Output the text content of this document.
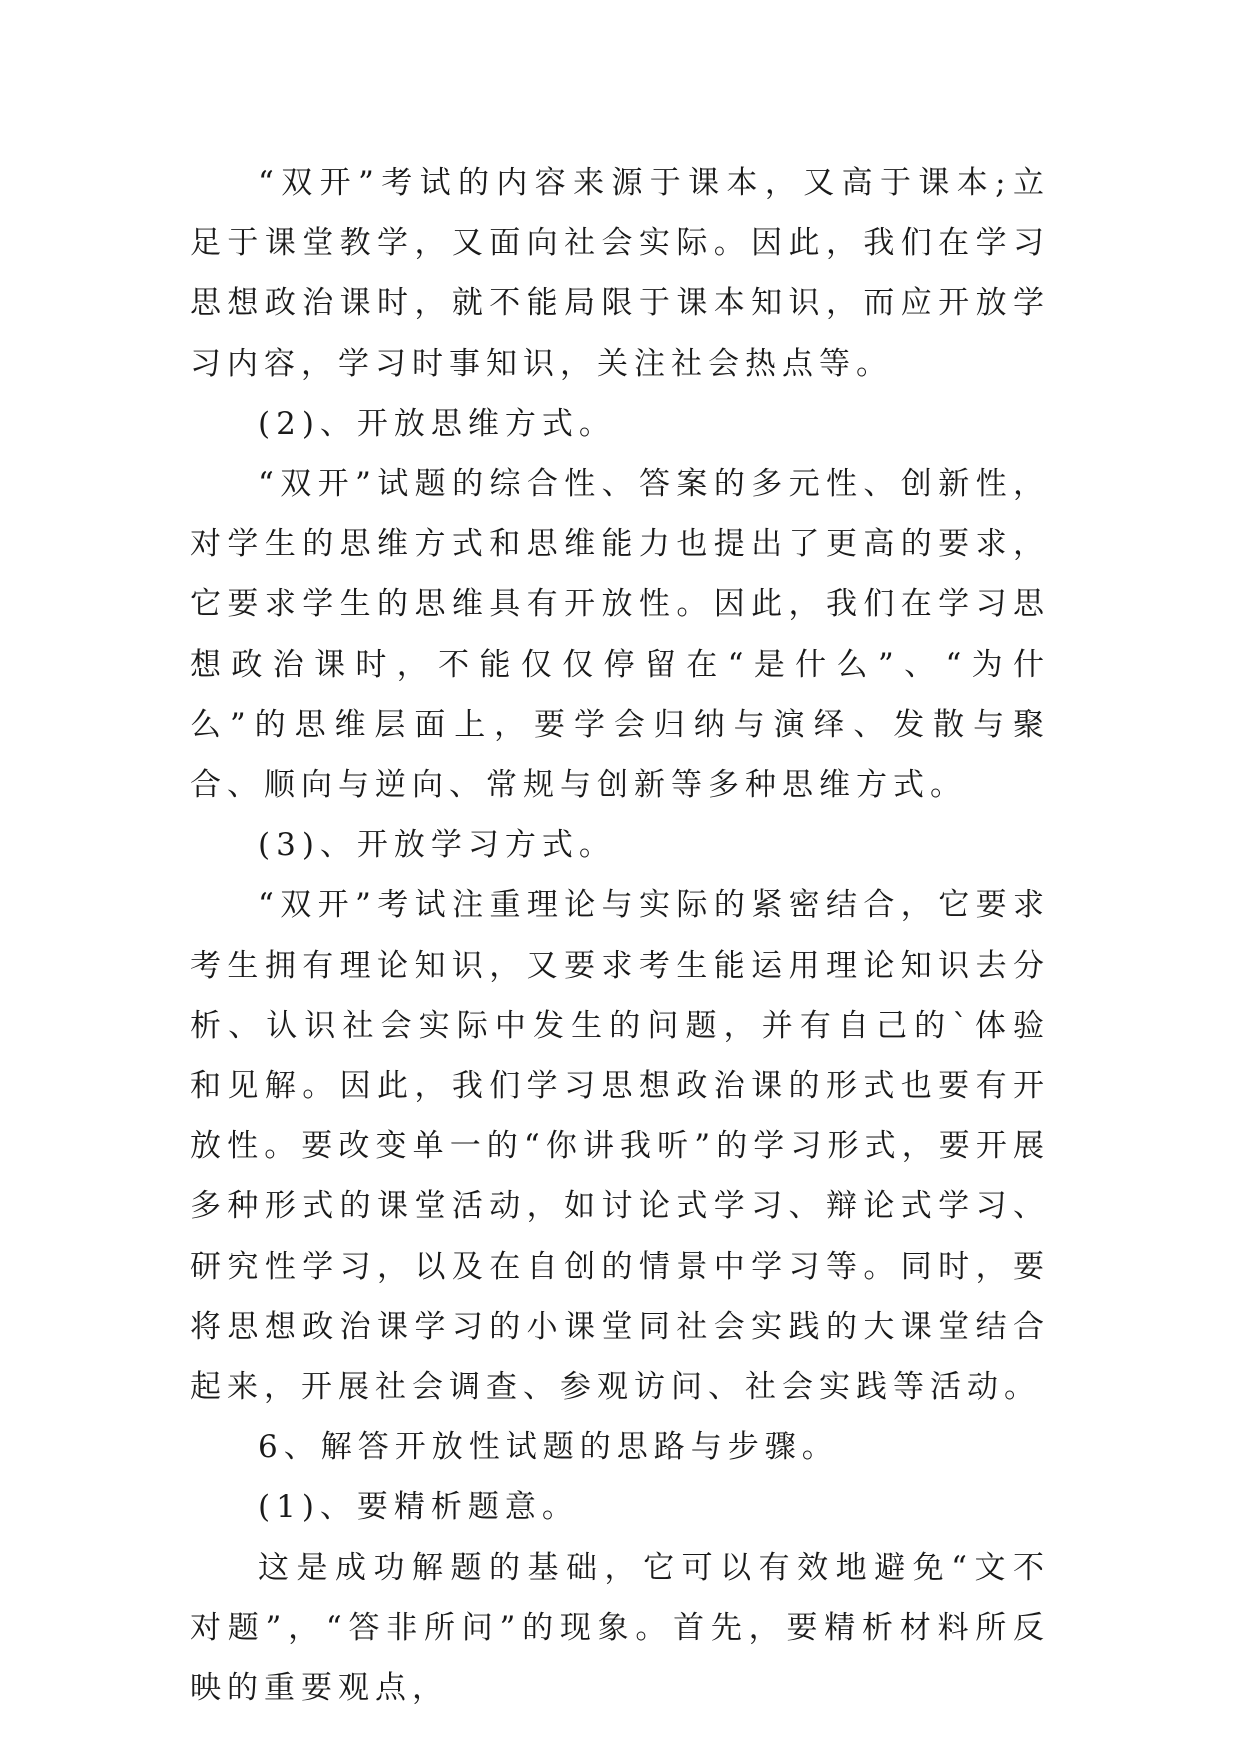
“双开”考试的内容来源于课本，又高于课本;立足于课堂教学，又面向社会实际。因此，我们在学习思想政治课时，就不能局限于课本知识，而应开放学习内容，学习时事知识，关注社会热点等。

(2)、开放思维方式。

“双开”试题的综合性、答案的多元性、创新性，对学生的思维方式和思维能力也提出了更高的要求，它要求学生的思维具有开放性。因此，我们在学习思想政治课时，不能仅仅停留在“是什么”、“为什么”的思维层面上，要学会归纳与演绎、发散与聚合、顺向与逆向、常规与创新等多种思维方式。

(3)、开放学习方式。

“双开”考试注重理论与实际的紧密结合，它要求考生拥有理论知识，又要求考生能运用理论知识去分析、认识社会实际中发生的问题，并有自己的`体验和见解。因此，我们学习思想政治课的形式也要有开放性。要改变单一的“你讲我听”的学习形式，要开展多种形式的课堂活动，如讨论式学习、辩论式学习、研究性学习，以及在自创的情景中学习等。同时，要将思想政治课学习的小课堂同社会实践的大课堂结合起来，开展社会调查、参观访问、社会实践等活动。

6、解答开放性试题的思路与步骤。

(1)、要精析题意。

这是成功解题的基础，它可以有效地避免“文不对题”，“答非所问”的现象。首先，要精析材料所反映的重要观点，
